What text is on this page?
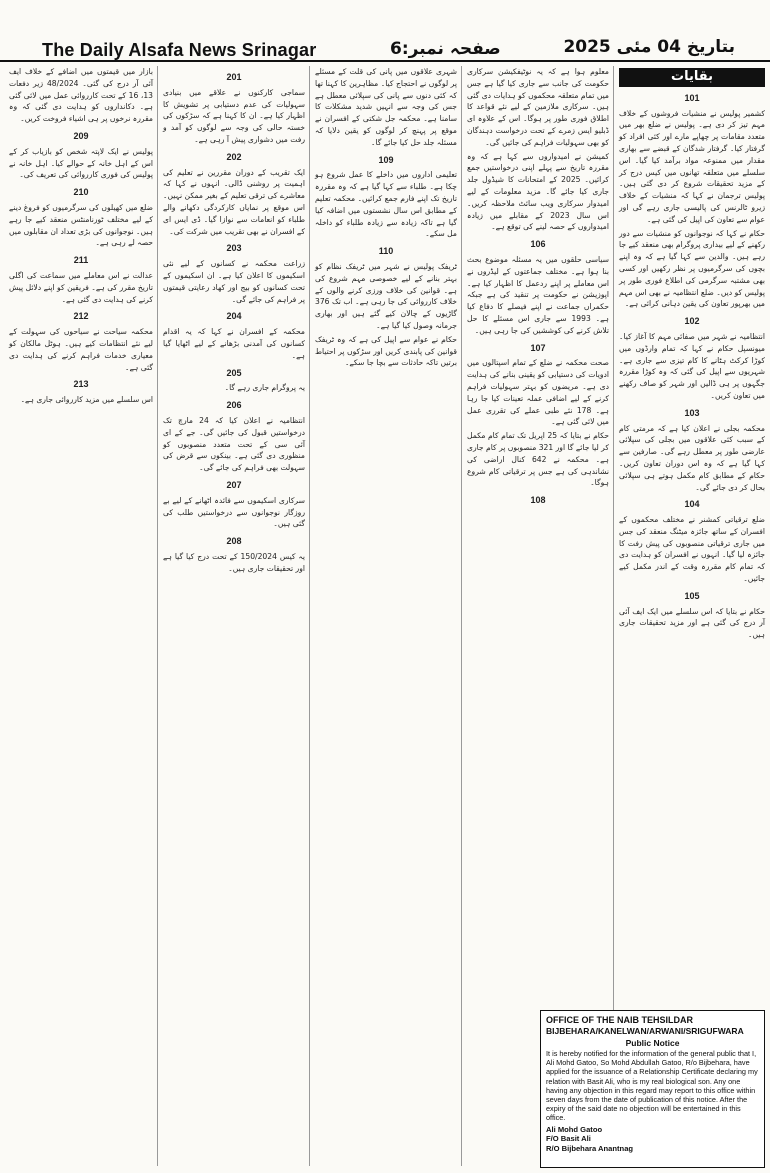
The Daily Alsafa News Srinagar	صفحہ نمبر:6	بتاریخ 04 مئی 2025
بقایات
101

کشمیر پولیس نے منشیات فروشوں کے خلاف مہم تیز کر دی ہے۔ پولیس نے ضلع بھر میں متعدد مقامات پر چھاپے مارے اور کئی افراد کو گرفتار کیا۔ گرفتار شدگان کے قبضے سے بھاری مقدار میں ممنوعہ مواد برآمد کیا گیا۔ اس سلسلے میں متعلقہ تھانوں میں کیس درج کر کے مزید تحقیقات شروع کر دی گئی ہیں۔ پولیس ترجمان نے کہا کہ منشیات کے خلاف زیرو ٹالرنس کی پالیسی جاری رہے گی اور عوام سے تعاون کی اپیل کی گئی ہے۔

حکام نے کہا کہ نوجوانوں کو منشیات سے دور رکھنے کے لیے بیداری پروگرام بھی منعقد کیے جا رہے ہیں۔ والدین سے کہا گیا ہے کہ وہ اپنے بچوں کی سرگرمیوں پر نظر رکھیں اور کسی بھی مشتبہ سرگرمی کی اطلاع فوری طور پر پولیس کو دیں۔ ضلع انتظامیہ نے بھی اس مہم میں بھرپور تعاون کی یقین دہانی کرائی ہے۔

102

انتظامیہ نے شہر میں صفائی مہم کا آغاز کیا۔ میونسپل حکام نے کہا کہ تمام وارڈوں میں کوڑا کرکٹ ہٹانے کا کام تیزی سے جاری ہے۔ شہریوں سے اپیل کی گئی کہ وہ کوڑا مقررہ جگہوں پر ہی ڈالیں اور شہر کو صاف رکھنے میں تعاون کریں۔

103

محکمہ بجلی نے اعلان کیا ہے کہ مرمتی کام کے سبب کئی علاقوں میں بجلی کی سپلائی عارضی طور پر معطل رہے گی۔ صارفین سے کہا گیا ہے کہ وہ اس دوران تعاون کریں۔ حکام کے مطابق کام مکمل ہوتے ہی سپلائی بحال کر دی جائے گی۔

104

ضلع ترقیاتی کمشنر نے مختلف محکموں کے افسران کے ساتھ جائزہ میٹنگ منعقد کی جس میں جاری ترقیاتی منصوبوں کی پیش رفت کا جائزہ لیا گیا۔ انہوں نے افسران کو ہدایت دی کہ تمام کام مقررہ وقت کے اندر مکمل کیے جائیں۔

105

حکام نے بتایا کہ اس سلسلے میں ایک ایف آئی آر درج کی گئی ہے اور مزید تحقیقات جاری ہیں۔

معلوم ہوا ہے کہ یہ نوٹیفکیشن سرکاری حکومت کی جانب سے جاری کیا گیا ہے جس میں تمام متعلقہ محکموں کو ہدایات دی گئی ہیں۔ سرکاری ملازمین کے لیے نئے قواعد کا اطلاق فوری طور پر ہوگا۔ اس کے علاوہ ای ڈبلیو ایس زمرے کے تحت درخواست دہندگان کو بھی سہولیات فراہم کی جائیں گی۔

کمیشن نے امیدواروں سے کہا ہے کہ وہ مقررہ تاریخ سے پہلے اپنی درخواستیں جمع کرائیں۔ 2025 کے امتحانات کا شیڈول جلد جاری کیا جائے گا۔ مزید معلومات کے لیے امیدوار سرکاری ویب سائٹ ملاحظہ کریں۔ اس سال 2023 کے مقابلے میں زیادہ امیدواروں کے حصہ لینے کی توقع ہے۔

106

سیاسی حلقوں میں یہ مسئلہ موضوع بحث بنا ہوا ہے۔ مختلف جماعتوں کے لیڈروں نے اس معاملے پر اپنے ردعمل کا اظہار کیا ہے۔ اپوزیشن نے حکومت پر تنقید کی ہے جبکہ حکمراں جماعت نے اپنے فیصلے کا دفاع کیا ہے۔ 1993 سے جاری اس مسئلے کا حل تلاش کرنے کی کوششیں کی جا رہی ہیں۔

107

صحت محکمہ نے ضلع کے تمام اسپتالوں میں ادویات کی دستیابی کو یقینی بنانے کی ہدایت دی ہے۔ مریضوں کو بہتر سہولیات فراہم کرنے کے لیے اضافی عملہ تعینات کیا جا رہا ہے۔ 178 نئے طبی عملے کی تقرری عمل میں لائی گئی ہے۔

حکام نے بتایا کہ 25 اپریل تک تمام کام مکمل کر لیا جائے گا اور 321 منصوبوں پر کام جاری ہے۔ محکمہ نے 642 کنال اراضی کی نشاندہی کی ہے جس پر ترقیاتی کام شروع ہوگا۔

108

شہری علاقوں میں پانی کی قلت کے مسئلے پر لوگوں نے احتجاج کیا۔ مظاہرین کا کہنا تھا کہ کئی دنوں سے پانی کی سپلائی معطل ہے جس کی وجہ سے انہیں شدید مشکلات کا سامنا ہے۔ محکمہ جل شکتی کے افسران نے موقع پر پہنچ کر لوگوں کو یقین دلایا کہ مسئلہ جلد حل کیا جائے گا۔

109

تعلیمی اداروں میں داخلے کا عمل شروع ہو چکا ہے۔ طلباء سے کہا گیا ہے کہ وہ مقررہ تاریخ تک اپنے فارم جمع کرائیں۔ محکمہ تعلیم کے مطابق اس سال نشستوں میں اضافہ کیا گیا ہے تاکہ زیادہ سے زیادہ طلباء کو داخلہ مل سکے۔

110

ٹریفک پولیس نے شہر میں ٹریفک نظام کو بہتر بنانے کے لیے خصوصی مہم شروع کی ہے۔ قوانین کی خلاف ورزی کرنے والوں کے خلاف کارروائی کی جا رہی ہے۔ اب تک 376 گاڑیوں کے چالان کیے گئے ہیں اور بھاری جرمانہ وصول کیا گیا ہے۔

حکام نے عوام سے اپیل کی ہے کہ وہ ٹریفک قوانین کی پابندی کریں اور سڑکوں پر احتیاط برتیں تاکہ حادثات سے بچا جا سکے۔

201

سماجی کارکنوں نے علاقے میں بنیادی سہولیات کی عدم دستیابی پر تشویش کا اظہار کیا ہے۔ ان کا کہنا ہے کہ سڑکوں کی خستہ حالی کی وجہ سے لوگوں کو آمد و رفت میں دشواری پیش آ رہی ہے۔

202

ایک تقریب کے دوران مقررین نے تعلیم کی اہمیت پر روشنی ڈالی۔ انہوں نے کہا کہ معاشرے کی ترقی تعلیم کے بغیر ممکن نہیں۔ اس موقع پر نمایاں کارکردگی دکھانے والے طلباء کو انعامات سے نوازا گیا۔ ڈی ایس ای کے افسران نے بھی تقریب میں شرکت کی۔

203

زراعت محکمہ نے کسانوں کے لیے نئی اسکیموں کا اعلان کیا ہے۔ ان اسکیموں کے تحت کسانوں کو بیج اور کھاد رعایتی قیمتوں پر فراہم کی جائے گی۔

204

محکمہ کے افسران نے کہا کہ یہ اقدام کسانوں کی آمدنی بڑھانے کے لیے اٹھایا گیا ہے۔

205

یہ پروگرام جاری رہے گا۔

206

انتظامیہ نے اعلان کیا کہ 24 مارچ تک درخواستیں قبول کی جائیں گی۔ جے کے ای آئی سی کے تحت متعدد منصوبوں کو منظوری دی گئی ہے۔ بینکوں سے قرض کی سہولت بھی فراہم کی جائے گی۔

207

سرکاری اسکیموں سے فائدہ اٹھانے کے لیے بے روزگار نوجوانوں سے درخواستیں طلب کی گئی ہیں۔

208

یہ کیس 150/2024 کے تحت درج کیا گیا ہے اور تحقیقات جاری ہیں۔

بازار میں قیمتوں میں اضافے کے خلاف ایف آئی آر درج کی گئی۔ 48/2024 زیر دفعات 13، 16 کے تحت کارروائی عمل میں لائی گئی ہے۔ دکانداروں کو ہدایت دی گئی کہ وہ مقررہ نرخوں پر ہی اشیاء فروخت کریں۔

209

پولیس نے ایک لاپتہ شخص کو بازیاب کر کے اس کے اہل خانہ کے حوالے کیا۔ اہل خانہ نے پولیس کی فوری کارروائی کی تعریف کی۔

210

ضلع میں کھیلوں کی سرگرمیوں کو فروغ دینے کے لیے مختلف ٹورنامنٹس منعقد کیے جا رہے ہیں۔ نوجوانوں کی بڑی تعداد ان مقابلوں میں حصہ لے رہی ہے۔

211

عدالت نے اس معاملے میں سماعت کی اگلی تاریخ مقرر کی ہے۔ فریقین کو اپنے دلائل پیش کرنے کی ہدایت دی گئی ہے۔

212

محکمہ سیاحت نے سیاحوں کی سہولت کے لیے نئے انتظامات کیے ہیں۔ ہوٹل مالکان کو معیاری خدمات فراہم کرنے کی ہدایت دی گئی ہے۔

213

اس سلسلے میں مزید کارروائی جاری ہے۔

OFFICE OF THE NAIB TEHSILDAR
BIJBEHARA/KANELWAN/ARWANI/SRIGUFWARA
Public Notice
It is hereby notified for the information of the general public that I, Ali Mohd Gatoo, So Mohd Abdullah Gatoo, R/o Bijbehara, have applied for the issuance of a Relationship Certificate declaring my relation with Basit Ali, who is my real biological son. Any one having any objection in this regard may report to this office within seven days from the date of publication of this notice. After the expiry of the said date no objection will be entertained in this office.
Ali Mohd Gatoo
F/O Basit Ali
R/O Bijbehara Anantnag
